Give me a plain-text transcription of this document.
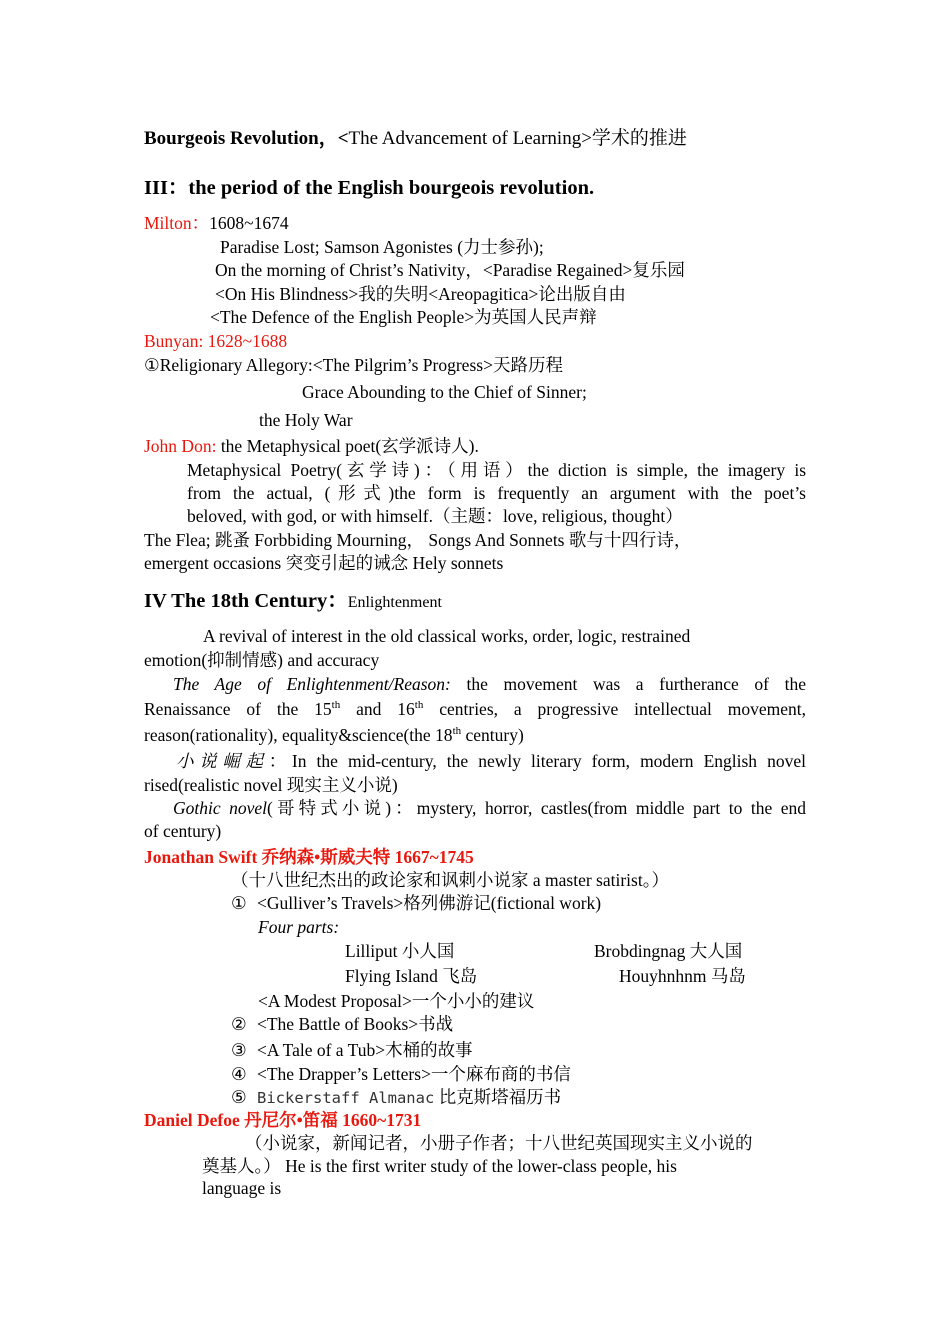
Bourgeois Revolution，<The Advancement of Learning>学术的推进
III：the period of the English bourgeois revolution.
Milton：1608~1674
Paradise Lost; Samson Agonistes (力士参孙);
On the morning of Christ’s Nativity，<Paradise Regained>复乐园
<On His Blindness>我的失明<Areopagitica>论出版自由
<The Defence of the English People>为英国人民声辩
Bunyan: 1628~1688
①Religionary Allegory:<The Pilgrim’s Progress>天路历程
Grace Abounding to the Chief of Sinner;
the Holy War
John Don: the Metaphysical poet(玄学派诗人).
Metaphysical Poetry(玄学诗)：（用语）the diction is simple, the imagery is
from the actual, (形式)the form is frequently an argument with the poet’s
beloved, with god, or with himself.（主题：love, religious, thought）
The Flea; 跳蚤 Forbbiding Mourning， Songs And Sonnets 歌与十四行诗，
emergent occasions 突变引起的诫念 Hely sonnets
IV The 18th Century：Enlightenment
A revival of interest in the old classical works, order, logic, restrained
emotion(抑制情感) and accuracy
The Age of Enlightenment/Reason: the movement was a furtherance of the
Renaissance of the 15th and 16th centries, a progressive intellectual movement,
reason(rationality), equality&science(the 18th century)
小说崛起：In the mid-century, the newly literary form, modern English novel
rised(realistic novel 现实主义小说)
Gothic novel(哥特式小说)：mystery, horror, castles(from middle part to the end
of century)
Jonathan Swift 乔纳森•斯威夫特 1667~1745
（十八世纪杰出的政论家和讽刺小说家 a master satirist。）
① <Gulliver’s Travels>格列佛游记(fictional work)
Four parts:
Lilliput 小人国	Brobdingnag 大人国
Flying Island 飞岛	Houyhnhnm 马岛
<A Modest Proposal>一个小小的建议
② <The Battle of Books>书战
③ <A Tale of a Tub>木桶的故事
④ <The Drapper’s Letters>一个麻布商的书信
⑤ Bickerstaff Almanac 比克斯塔福历书
Daniel Defoe 丹尼尔•笛福 1660~1731
（小说家，新闻记者，小册子作者；十八世纪英国现实主义小说的
奠基人。） He is the first writer study of the lower-class people, his
language is
